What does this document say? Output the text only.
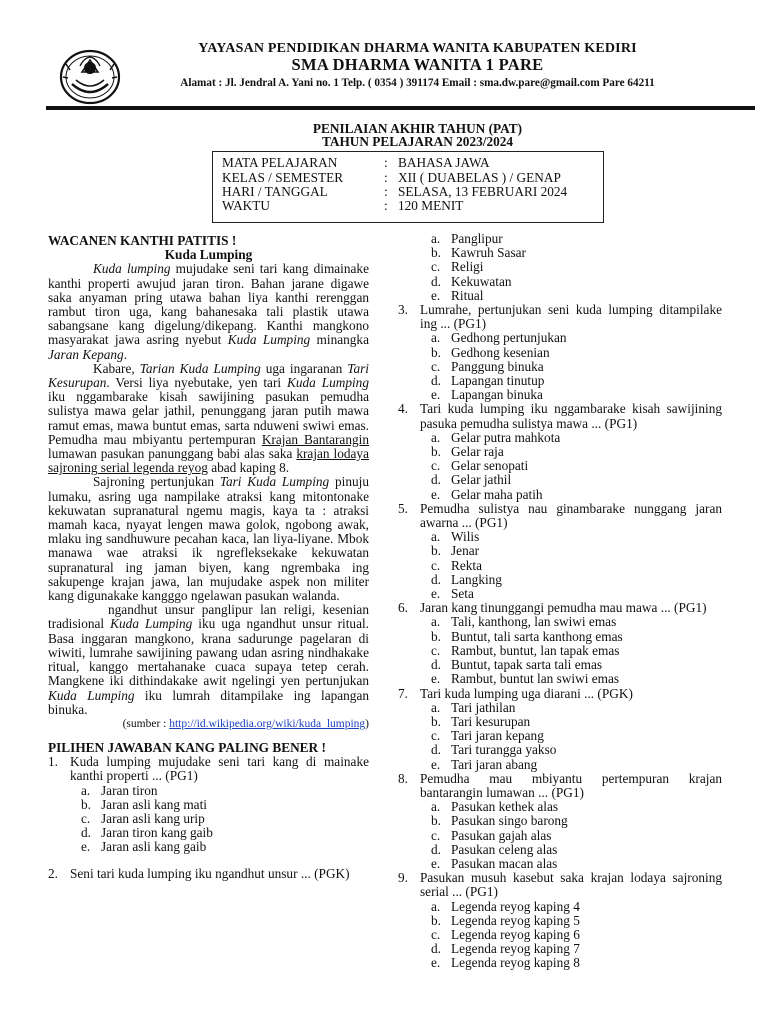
YAYASAN PENDIDIKAN DHARMA WANITA KABUPATEN KEDIRI
SMA DHARMA WANITA 1 PARE
Alamat : Jl. Jendral A. Yani no. 1 Telp. ( 0354 ) 391174 Email : sma.dw.pare@gmail.com Pare 64211
PENILAIAN AKHIR TAHUN (PAT)
TAHUN PELAJARAN 2023/2024
MATA PELAJARAN	: BAHASA JAWA
KELAS / SEMESTER	: XII ( DUABELAS ) / GENAP
HARI / TANGGAL	: SELASA, 13 FEBRUARI 2024
WAKTU	: 120 MENIT
WACANEN KANTHI PATITIS !
Kuda Lumping

Kuda lumping mujudake seni tari kang dimainake kanthi properti awujud jaran tiron. Bahan jarane digawe saka anyaman pring utawa bahan liya kanthi rerenggan rambut tiron uga, kang bahanesaka tali plastik utawa sabangsane kang digelung/dikepang. Kanthi mangkono masyarakat jawa asring nyebut Kuda Lumping minangka Jaran Kepang.

Kabare, Tarian Kuda Lumping uga ingaranan Tari Kesurupan. Versi liya nyebutake, yen tari Kuda Lumping iku nggambarake kisah sawijining pasukan pemudha sulistya mawa gelar jathil, penunggang jaran putih mawa ramut emas, mawa buntut emas, sarta nduweni swiwi emas. Pemudha mau mbiyantu pertempuran Krajan Bantarangin lumawan pasukan panunggang babi alas saka krajan lodaya sajroning serial legenda reyog abad kaping 8.

Sajroning pertunjukan Tari Kuda Lumping pinuju lumaku, asring uga nampilake atraksi kang mitontonake kekuwatan supranatural ngemu magis, kaya ta : atraksi mamah kaca, nyayat lengen mawa golok, ngobong awak, mlaku ing sandhuwure pecahan kaca, lan liya-liyane. Mbok manawa wae atraksi ik ngrefleksekake kekuwatan supranatural ing jaman biyen, kang ngrembaka ing sakupenge krajan jawa, lan mujudake aspek non militer kang digunakake kangggo ngelawan pasukan walanda.

ngandhut unsur panglipur lan religi, kesenian tradisional Kuda Lumping iku uga ngandhut unsur ritual. Basa inggaran mangkono, krana sadurunge pagelaran di wiwiti, lumrahe sawijining pawang udan asring nindhakake ritual, kanggo mertahanake cuaca supaya tetep cerah. Mangkene iki dithindakake awit ngelingi yen pertunjukan Kuda Lumping iku lumrah ditampilake ing lapangan binuka.

(sumber : http://id.wikipedia.org/wiki/kuda_lumping)
PILIHEN JAWABAN KANG PALING BENER !
1. Kuda lumping mujudake seni tari kang di mainake kanthi properti ... (PG1)
a. Jaran tiron
b. Jaran asli kang mati
c. Jaran asli kang urip
d. Jaran tiron kang gaib
e. Jaran asli kang gaib
2. Seni tari kuda lumping iku ngandhut unsur ... (PGK)
a. Panglipur
b. Kawruh Sasar
c. Religi
d. Kekuwatan
e. Ritual
3. Lumrahe, pertunjukan seni kuda lumping ditampilake ing ... (PG1)
a. Gedhong pertunjukan
b. Gedhong kesenian
c. Panggung binuka
d. Lapangan tinutup
e. Lapangan binuka
4. Tari kuda lumping iku nggambarake kisah sawijining pasuka pemudha sulistya mawa ... (PG1)
a. Gelar putra mahkota
b. Gelar raja
c. Gelar senopati
d. Gelar jathil
e. Gelar maha patih
5. Pemudha sulistya nau ginambarake nunggang jaran awarna ... (PG1)
a. Wilis
b. Jenar
c. Rekta
d. Langking
e. Seta
6. Jaran kang tinunggangi pemudha mau mawa ... (PG1)
a. Tali, kanthong, lan swiwi emas
b. Buntut, tali sarta kanthong emas
c. Rambut, buntut, lan tapak emas
d. Buntut, tapak sarta tali emas
e. Rambut, buntut lan swiwi emas
7. Tari kuda lumping uga diarani ... (PGK)
a. Tari jathilan
b. Tari kesurupan
c. Tari jaran kepang
d. Tari turangga yakso
e. Tari jaran abang
8. Pemudha mau mbiyantu pertempuran krajan bantarangin lumawan ... (PG1)
a. Pasukan kethek alas
b. Pasukan singo barong
c. Pasukan gajah alas
d. Pasukan celeng alas
e. Pasukan macan alas
9. Pasukan musuh kasebut saka krajan lodaya sajroning serial ... (PG1)
a. Legenda reyog kaping 4
b. Legenda reyog kaping 5
c. Legenda reyog kaping 6
d. Legenda reyog kaping 7
e. Legenda reyog kaping 8
